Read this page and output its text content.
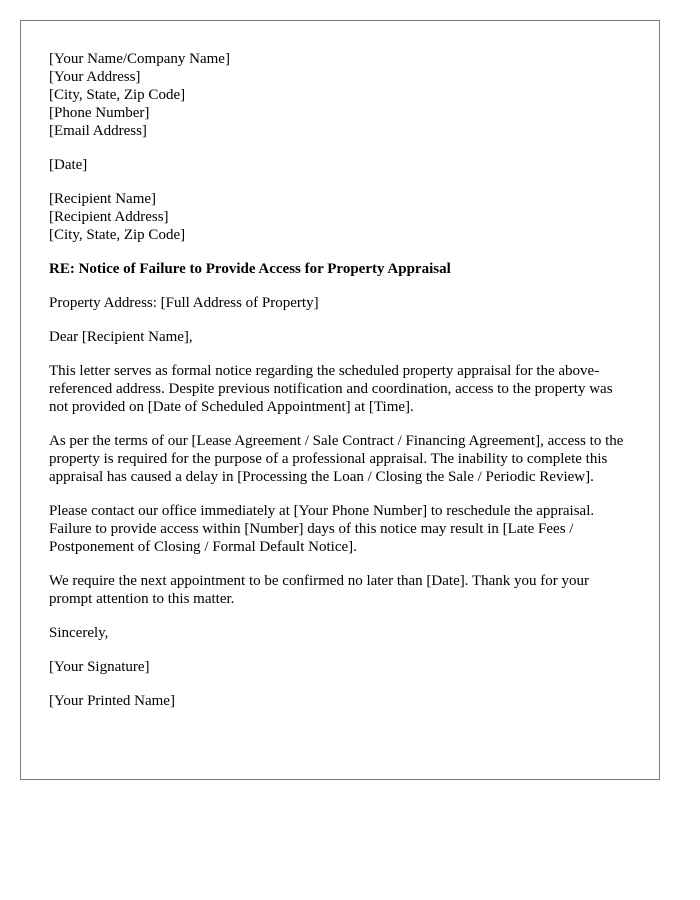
[Your Name/Company Name]
[Your Address]
[City, State, Zip Code]
[Phone Number]
[Email Address]
[Date]
[Recipient Name]
[Recipient Address]
[City, State, Zip Code]
RE: Notice of Failure to Provide Access for Property Appraisal
Property Address: [Full Address of Property]
Dear [Recipient Name],

This letter serves as formal notice regarding the scheduled property appraisal for the above-referenced address. Despite previous notification and coordination, access to the property was not provided on [Date of Scheduled Appointment] at [Time].

As per the terms of our [Lease Agreement / Sale Contract / Financing Agreement], access to the property is required for the purpose of a professional appraisal. The inability to complete this appraisal has caused a delay in [Processing the Loan / Closing the Sale / Periodic Review].

Please contact our office immediately at [Your Phone Number] to reschedule the appraisal. Failure to provide access within [Number] days of this notice may result in [Late Fees / Postponement of Closing / Formal Default Notice].

We require the next appointment to be confirmed no later than [Date]. Thank you for your prompt attention to this matter.

Sincerely,
[Your Signature]
[Your Printed Name]
